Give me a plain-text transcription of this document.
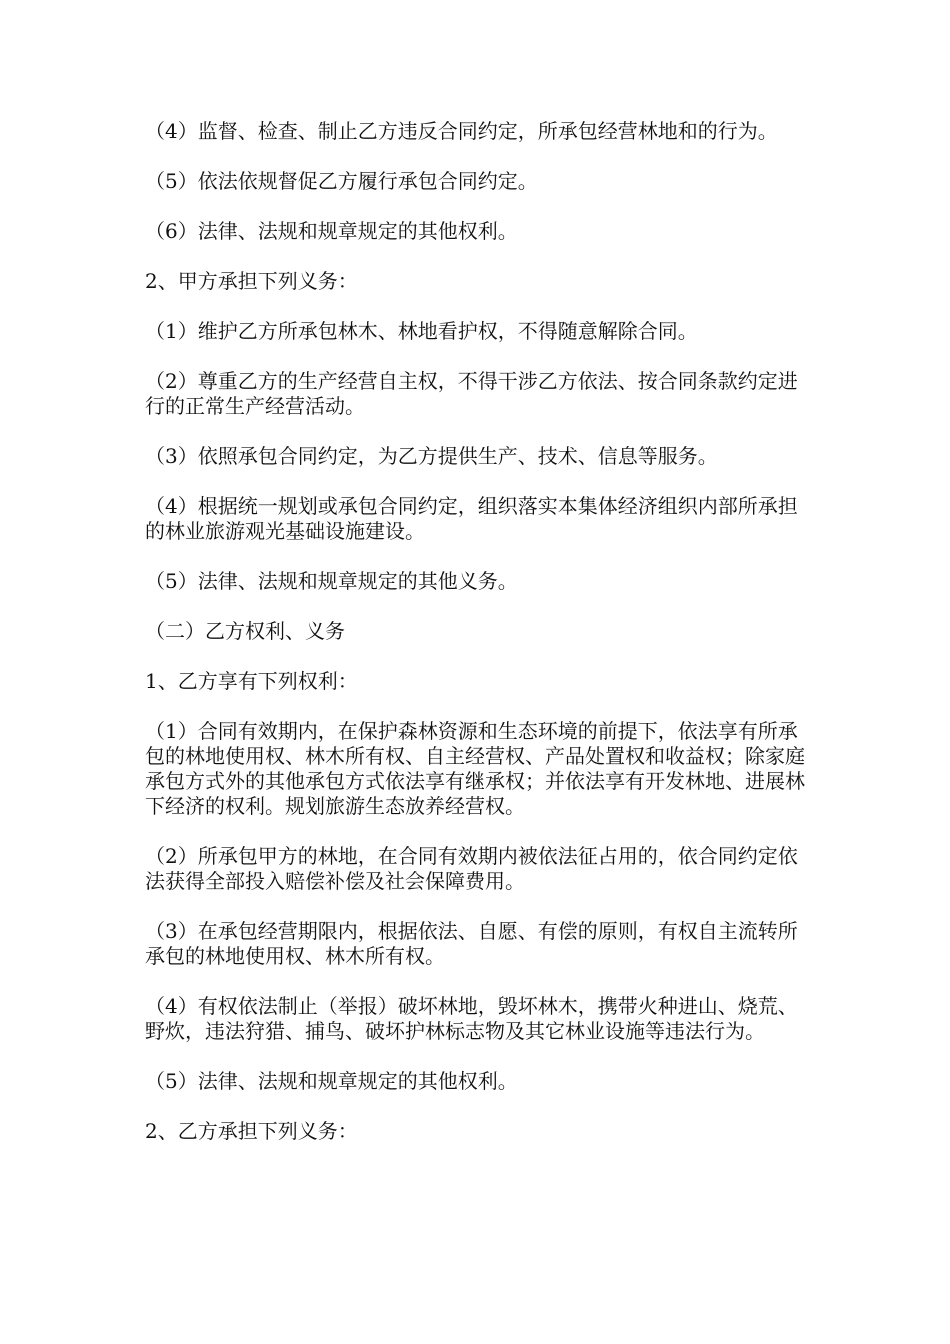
（4）监督、检查、制止乙方违反合同约定，所承包经营林地和的行为。

（5）依法依规督促乙方履行承包合同约定。

（6）法律、法规和规章规定的其他权利。

2、甲方承担下列义务：

（1）维护乙方所承包林木、林地看护权，不得随意解除合同。

（2）尊重乙方的生产经营自主权，不得干涉乙方依法、按合同条款约定进行的正常生产经营活动。

（3）依照承包合同约定，为乙方提供生产、技术、信息等服务。

（4）根据统一规划或承包合同约定，组织落实本集体经济组织内部所承担的林业旅游观光基础设施建设。

（5）法律、法规和规章规定的其他义务。

（二）乙方权利、义务

1、乙方享有下列权利：

（1）合同有效期内，在保护森林资源和生态环境的前提下，依法享有所承包的林地使用权、林木所有权、自主经营权、产品处置权和收益权；除家庭承包方式外的其他承包方式依法享有继承权；并依法享有开发林地、进展林下经济的权利。规划旅游生态放养经营权。

（2）所承包甲方的林地，在合同有效期内被依法征占用的，依合同约定依法获得全部投入赔偿补偿及社会保障费用。

（3）在承包经营期限内，根据依法、自愿、有偿的原则，有权自主流转所承包的林地使用权、林木所有权。

（4）有权依法制止（举报）破坏林地，毁坏林木，携带火种进山、烧荒、野炊，违法狩猎、捕鸟、破坏护林标志物及其它林业设施等违法行为。

（5）法律、法规和规章规定的其他权利。

2、乙方承担下列义务：
